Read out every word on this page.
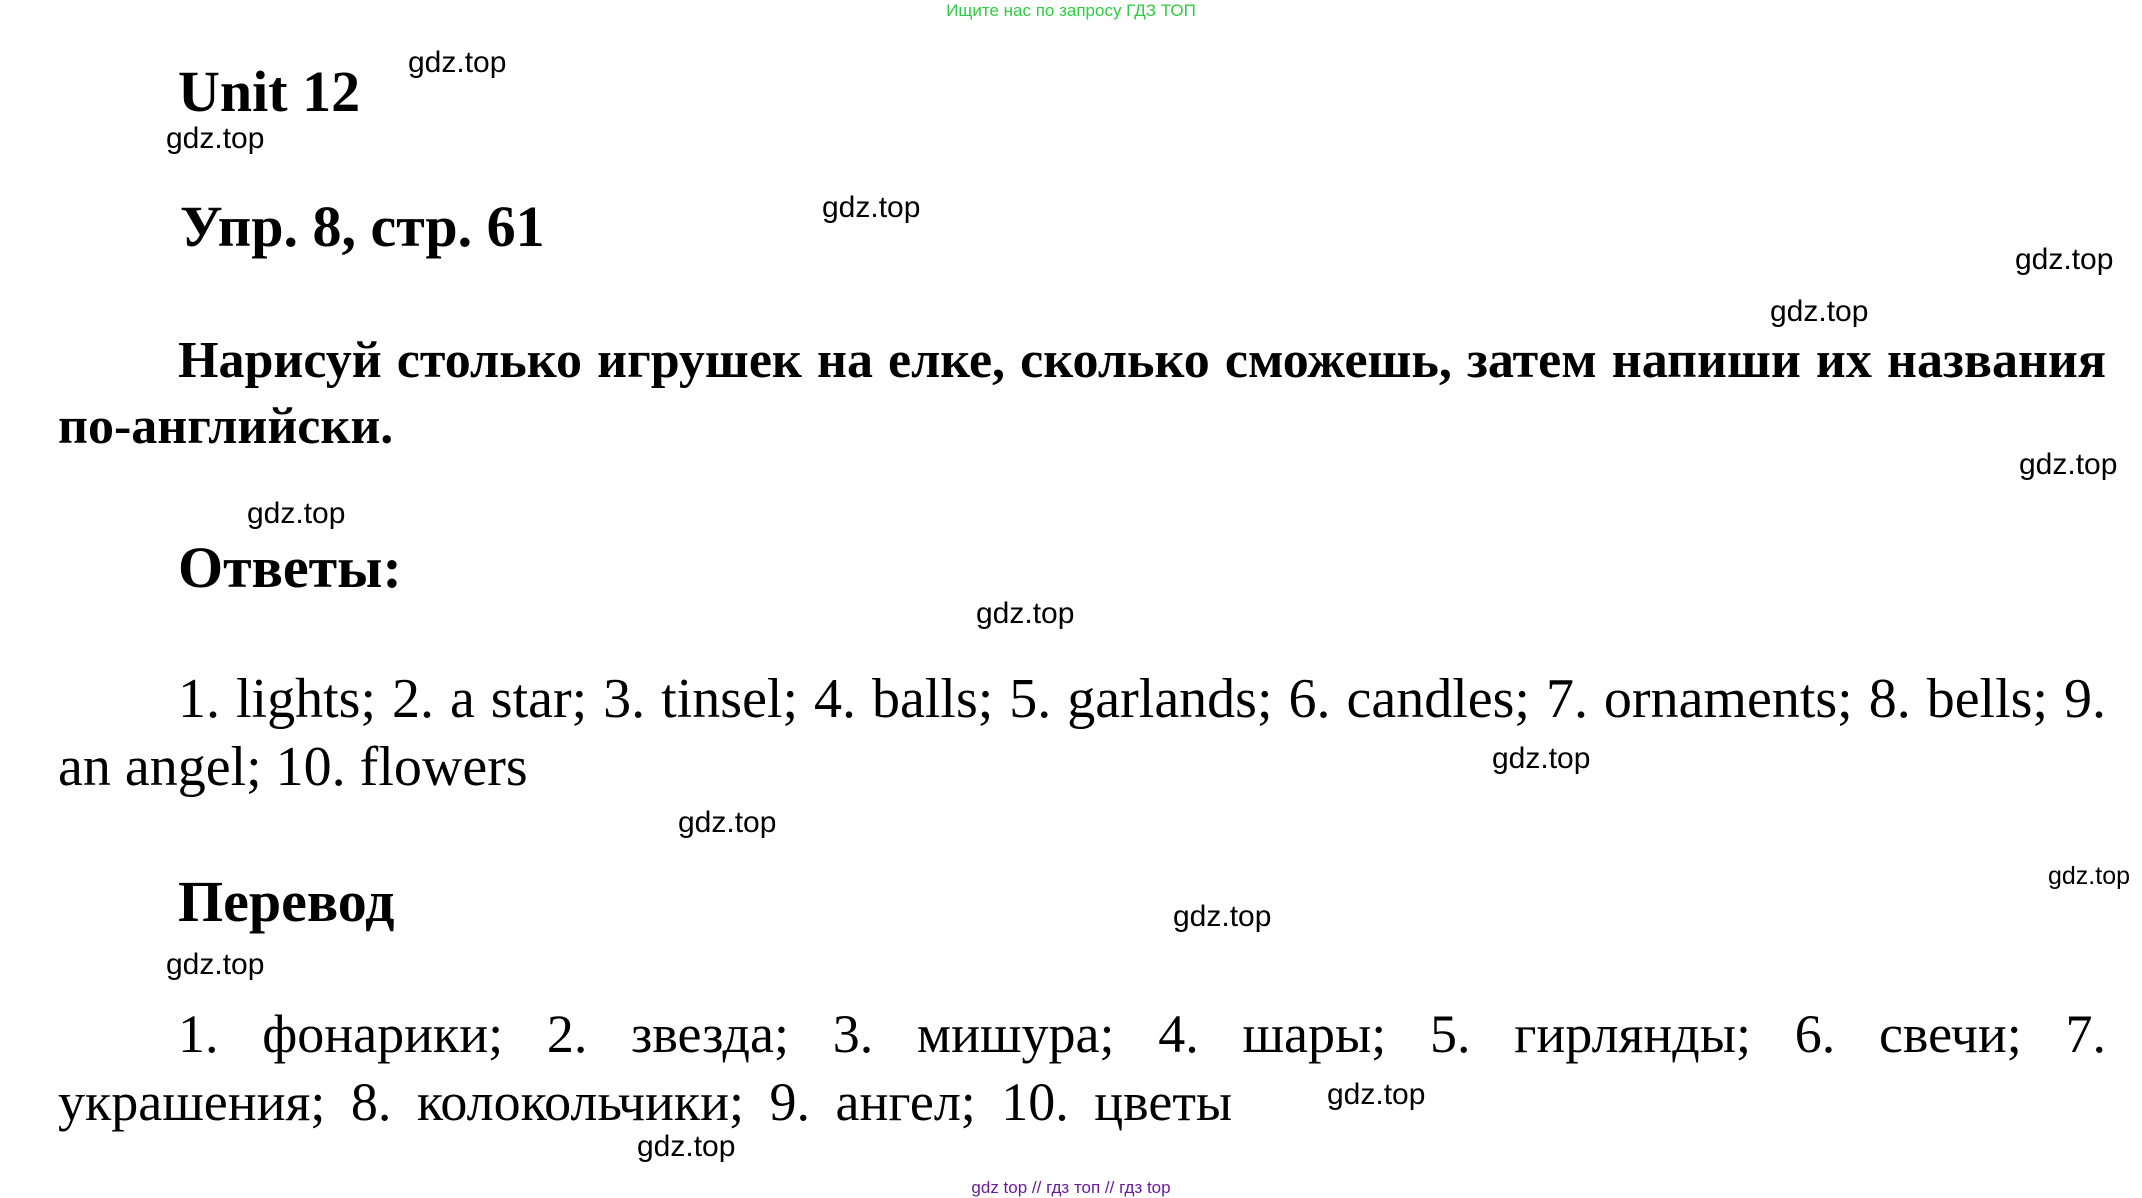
Ищите нас по запросу ГДЗ ТОП
Unit 12
Упр. 8, стр. 61

Нарисуй столько игрушек на елке, сколько сможешь, затем напиши их названия по-английски.

Ответы:

1. lights; 2. a star; 3. tinsel; 4. balls; 5. garlands; 6. candles; 7. ornaments; 8. bells; 9. an angel; 10. flowers

Перевод

1. фонарики; 2. звезда; 3. мишура; 4. шары; 5. гирлянды; 6. свечи; 7. украшения; 8. колокольчики; 9. ангел; 10. цветы

gdz.top
gdz.top
gdz.top
gdz.top
gdz.top
gdz.top
gdz.top
gdz.top
gdz.top
gdz.top
gdz.top
gdz.top
gdz.top
gdz.top
gdz.top
gdz top // гдз топ // гдз top
